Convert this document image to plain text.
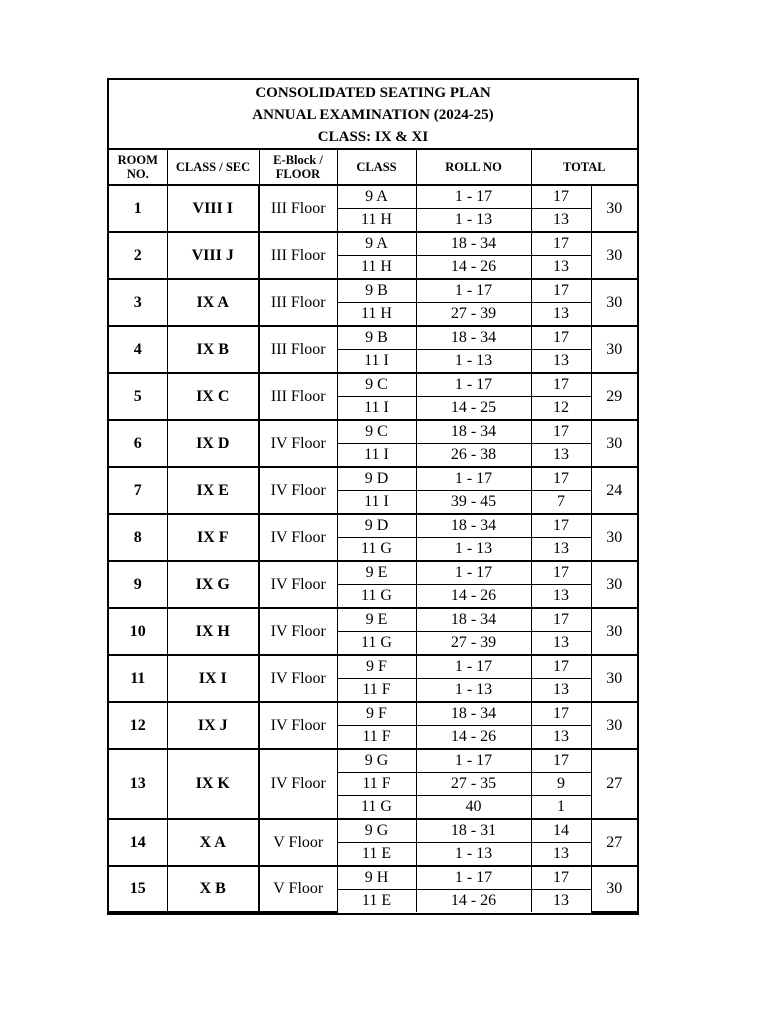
CONSOLIDATED SEATING PLAN
ANNUAL EXAMINATION (2024-25)
CLASS: IX & XI
ROOM
NO.	CLASS / SEC	E-Block /
FLOOR	CLASS	ROLL NO	TOTAL	
1	VIII I	III Floor	9 A	1 - 17	17	30
			11 H	1 - 13	13	
2	VIII J	III Floor	9 A	18 - 34	17	30
			11 H	14 - 26	13	
3	IX A	III Floor	9 B	1 - 17	17	30
			11 H	27 - 39	13	
4	IX B	III Floor	9 B	18 - 34	17	30
			11 I	1 - 13	13	
5	IX C	III Floor	9 C	1 - 17	17	29
			11 I	14 - 25	12	
6	IX D	IV Floor	9 C	18 - 34	17	30
			11 I	26 - 38	13	
7	IX E	IV Floor	9 D	1 - 17	17	24
			11 I	39 - 45	7	
8	IX F	IV Floor	9 D	18 - 34	17	30
			11 G	1 - 13	13	
9	IX G	IV Floor	9 E	1 - 17	17	30
			11 G	14 - 26	13	
10	IX H	IV Floor	9 E	18 - 34	17	30
			11 G	27 - 39	13	
11	IX I	IV Floor	9 F	1 - 17	17	30
			11 F	1 - 13	13	
12	IX J	IV Floor	9 F	18 - 34	17	30
			11 F	14 - 26	13	
13	IX K	IV Floor	9 G	1 - 17	17	27
			11 F	27 - 35	9	
			11 G	40	1	
14	X A	V Floor	9 G	18 - 31	14	27
			11 E	1 - 13	13	
15	X B	V Floor	9 H	1 - 17	17	30
			11 E	14 - 26	13	
